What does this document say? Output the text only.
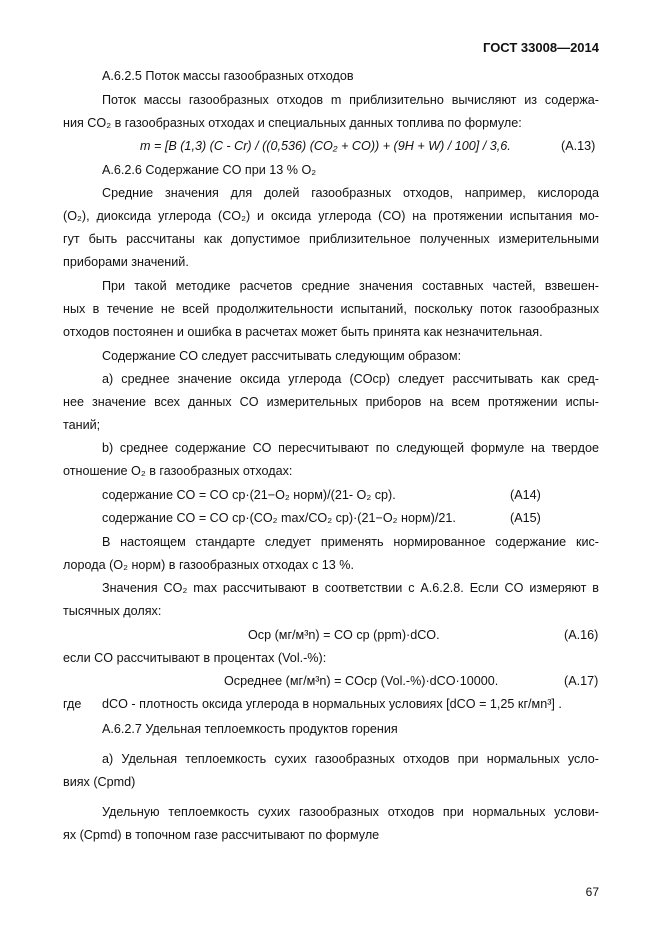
ГОСТ 33008—2014
А.6.2.5 Поток массы газообразных отходов
Поток массы газообразных отходов m приблизительно вычисляют из содержа-
ния CO₂ в газообразных отходах и специальных данных топлива по формуле:
m = [B (1,3) (C - Cr) / ((0,536) (CO₂ + CO)) + (9H + W) / 100] / 3,6.	(A.13)
А.6.2.6 Содержание CO при 13 % O₂
Средние значения для долей газообразных отходов, например, кислорода
(O₂), диоксида углерода (CO₂) и оксида углерода (CO) на протяжении испытания мо-
гут быть рассчитаны как допустимое приблизительное полученных измерительными
приборами значений.
При такой методике расчетов средние значения составных частей, взвешен-
ных в течение не всей продолжительности испытаний, поскольку поток газообразных
отходов постоянен и ошибка в расчетах может быть принята как незначительная.
Содержание CO следует рассчитывать следующим образом:
a) среднее значение оксида углерода (COср) следует рассчитывать как сред-
нее значение всех данных CO измерительных приборов на всем протяжении испы-
таний;
b) среднее содержание CO пересчитывают по следующей формуле на твердое
отношение O₂ в газообразных отходах:
содержание CO = CO ср·(21−O₂ норм)/(21- O₂ ср).	(A14)
содержание CO = CO ср·(CO₂ max/CO₂ ср)·(21−O₂ норм)/21.	(A15)
В настоящем стандарте следует применять нормированное содержание кис-
лорода (O₂ норм) в газообразных отходах с 13 %.
Значения CO₂ max рассчитывают в соответствии с А.6.2.8. Если CO измеряют в
тысячных долях:
Oср (мг/м³n) = CO ср (ppm)·dCO.	(A.16)
если CO рассчитывают в процентах (Vol.-%):
Oсреднее (мг/м³n) = COср (Vol.-%)·dCO·10000.	(A.17)
где dCO - плотность оксида углерода в нормальных условиях [dCO = 1,25 кг/мn³] .
А.6.2.7 Удельная теплоемкость продуктов горения
a) Удельная теплоемкость сухих газообразных отходов при нормальных усло-
виях (Cpmd)
Удельную теплоемкость сухих газообразных отходов при нормальных услови-
ях (Cpmd) в топочном газе рассчитывают по формуле
67
